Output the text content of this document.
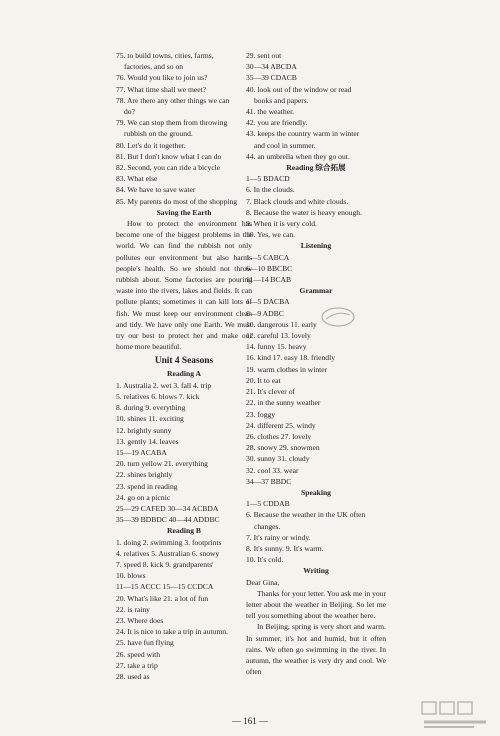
75. to build towns, cities, farms,
factories, and so on
76. Would you like to join us?
77. What time shall we meet?
78. Are there any other things we can
do?
79. We can stop them from throwing
rubbish on the ground.
80. Let's do it together.
81. But I don't know what I can do
82. Second, you can ride a bicycle
83. What else
84. We have to save water
85. My parents do most of the shopping
Saving the Earth
How to protect the environment has become one of the biggest problems in the world. We can find the rubbish not only pollutes our environment but also harms people's health. So we should not throw rubbish about. Some factories are pouring waste into the rivers, lakes and fields. It can pollute plants; sometimes it can kill lots of fish. We must keep our environment clean and tidy. We have only one Earth. We must try our best to protect her and make our home more beautiful.
Unit 4 Seasons
Reading A
1. Australia 2. wet 3. fall 4. trip
5. relatives 6. blows 7. kick
8. during 9. everything
10. shines 11. exciting
12. brightly sunny
13. gently 14. leaves
15—19 ACABA
20. turn yellow 21. everything
22. shines brightly
23. spend in reading
24. go on a picnic
25—29 CAFED 30—34 ACBDA
35—39 BDBDC 40—44 ADDBC
Reading B
1. doing 2. swimming 3. footprints
4. relatives 5. Australian 6. snowy
7. speed 8. kick 9. grandparents'
10. blows
11—15 ACCC 15—15 CCDCA
20. What's like 21. a lot of fun
22. is rainy
23. Where does
24. It is nice to take a trip in autumn.
25. have fun flying
26. speed with
27. take a trip
28. used as
29. sent out
30—34 ABCDA
35—39 CDACB
40. look out of the window or read
books and papers.
41. the weather.
42. you are friendly.
43. keeps the country warm in winter
and cool in summer.
44. an umbrella when they go out.
Reading 综合拓展
1—5 BDACD
6. In the clouds.
7. Black clouds and white clouds.
8. Because the water is heavy enough.
9. When it is very cold.
10. Yes, we can.
Listening
1—5 CABCA
6—10 BBCBC
11—14 BCAB
Grammar
1—5 DACBA
6—9 ADBC
10. dangerous 11. early
12. careful 13. lovely
14. funny 15. heavy
16. kind 17. easy 18. friendly
19. warm clothes in winter
20. It to eat
21. It's clever of
22. in the sunny weather
23. foggy
24. different 25. windy
26. clothes 27. lovely
28. snowy 29. snowmen
30. sunny 31. cloudy
32. cool 33. wear
34—37 BBDC
Speaking
1—5 CDDAB
6. Because the weather in the UK often
changes.
7. It's rainy or windy.
8. It's sunny. 9. It's warm.
10. It's cold.
Writing
Dear Gina,
Thanks for your letter. You ask me in your letter about the weather in Beijing. So let me tell you something about the weather here.
In Beijing, spring is very short and warm. In summer, it's hot and humid, but it often rains. We often go swimming in the river. In autumn, the weather is very dry and cool. We often
— 161 —
